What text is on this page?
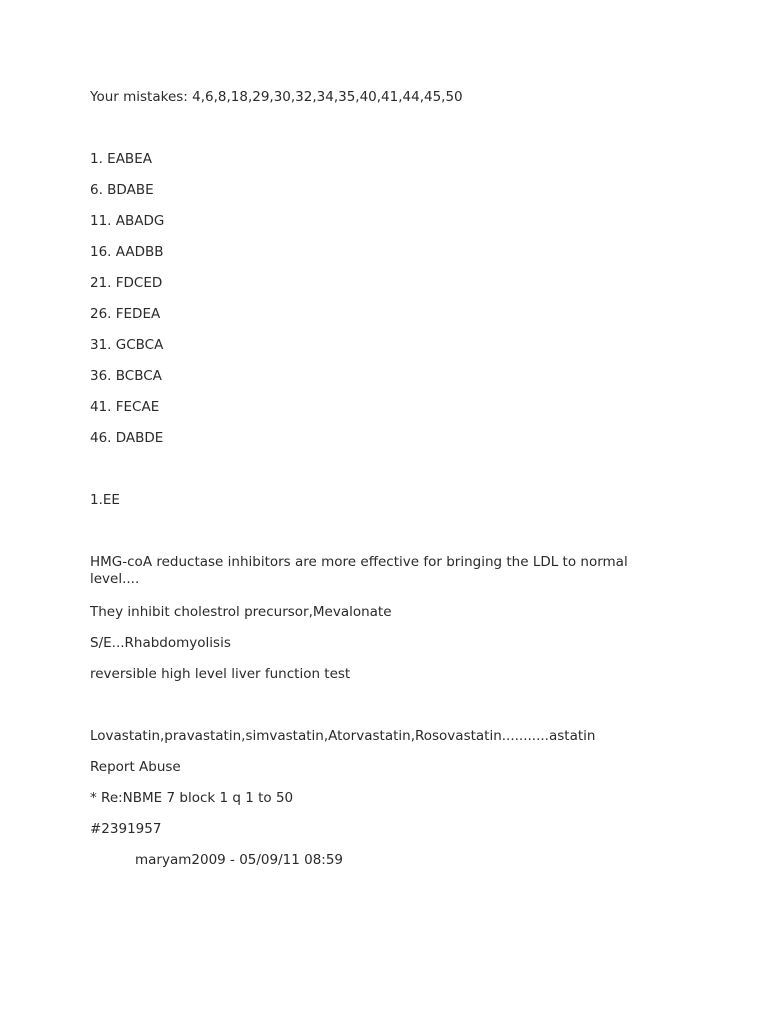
Your mistakes: 4,6,8,18,29,30,32,34,35,40,41,44,45,50
1. EABEA
6. BDABE
11. ABADG
16. AADBB
21. FDCED
26. FEDEA
31. GCBCA
36. BCBCA
41. FECAE
46. DABDE
1.EE
HMG-coA reductase inhibitors are more effective for bringing the LDL to normal level....
They inhibit cholestrol precursor,Mevalonate
S/E...Rhabdomyolisis
reversible high level liver function test
Lovastatin,pravastatin,simvastatin,Atorvastatin,Rosovastatin...........astatin
Report Abuse
* Re:NBME 7 block 1 q 1 to 50
#2391957
maryam2009 - 05/09/11 08:59
